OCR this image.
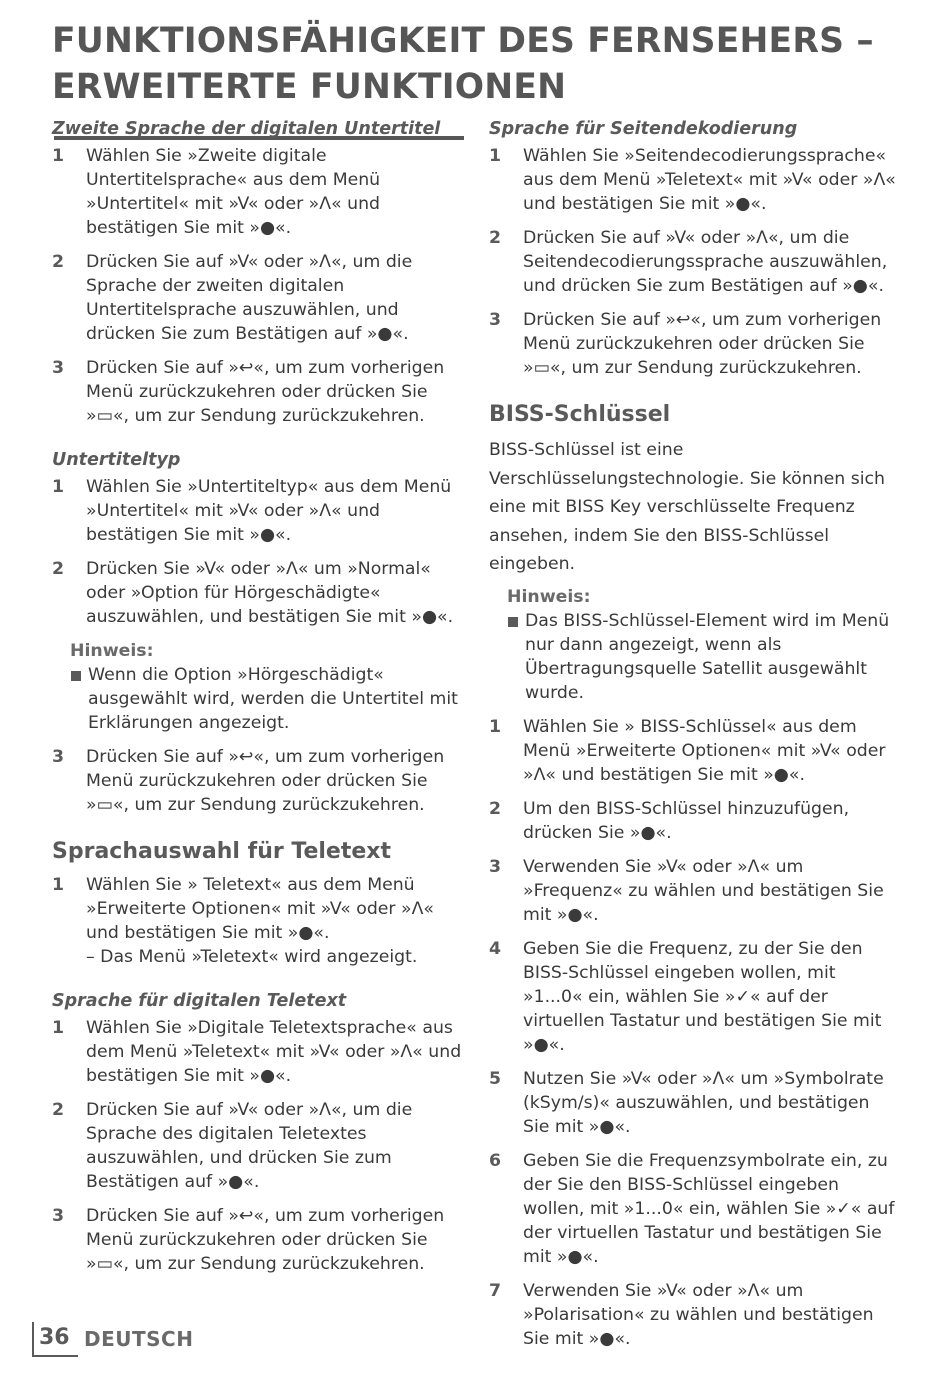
FUNKTIONSFÄHIGKEIT DES FERNSEHERS – ERWEITERTE FUNKTIONEN
Zweite Sprache der digitalen Untertitel
1 Wählen Sie »Zweite digitale Untertitelsprache« aus dem Menü »Untertitel« mit »V« oder »Λ« und bestätigen Sie mit »●«.
2 Drücken Sie auf »V« oder »Λ«, um die Sprache der zweiten digitalen Untertitelsprache auszuwählen, und drücken Sie zum Bestätigen auf »●«.
3 Drücken Sie auf »↩«, um zum vorherigen Menü zurückzukehren oder drücken Sie »▭«, um zur Sendung zurückzukehren.
Untertiteltyp
1 Wählen Sie »Untertiteltyp« aus dem Menü »Untertitel« mit »V« oder »Λ« und bestätigen Sie mit »●«.
2 Drücken Sie »V« oder »Λ« um »Normal« oder »Option für Hörgeschädigte« auszuwählen, und bestätigen Sie mit »●«.
Hinweis:
Wenn die Option »Hörgeschädigt« ausgewählt wird, werden die Untertitel mit Erklärungen angezeigt.
3 Drücken Sie auf »↩«, um zum vorherigen Menü zurückzukehren oder drücken Sie »▭«, um zur Sendung zurückzukehren.
Sprachauswahl für Teletext
1 Wählen Sie » Teletext« aus dem Menü »Erweiterte Optionen« mit »V« oder »Λ« und bestätigen Sie mit »●«.
– Das Menü »Teletext« wird angezeigt.
Sprache für digitalen Teletext
1 Wählen Sie »Digitale Teletextsprache« aus dem Menü »Teletext« mit »V« oder »Λ« und bestätigen Sie mit »●«.
2 Drücken Sie auf »V« oder »Λ«, um die Sprache des digitalen Teletextes auszuwählen, und drücken Sie zum Bestätigen auf »●«.
3 Drücken Sie auf »↩«, um zum vorherigen Menü zurückzukehren oder drücken Sie »▭«, um zur Sendung zurückzukehren.
Sprache für Seitendekodierung
1 Wählen Sie »Seitendecodierungssprache« aus dem Menü »Teletext« mit »V« oder »Λ« und bestätigen Sie mit »●«.
2 Drücken Sie auf »V« oder »Λ«, um die Seitendecodierungssprache auszuwählen, und drücken Sie zum Bestätigen auf »●«.
3 Drücken Sie auf »↩«, um zum vorherigen Menü zurückzukehren oder drücken Sie »▭«, um zur Sendung zurückzukehren.
BISS-Schlüssel

BISS-Schlüssel ist eine Verschlüsselungstechnologie. Sie können sich eine mit BISS Key verschlüsselte Frequenz ansehen, indem Sie den BISS-Schlüssel eingeben.

Hinweis:
Das BISS-Schlüssel-Element wird im Menü nur dann angezeigt, wenn als Übertragungsquelle Satellit ausgewählt wurde.
1 Wählen Sie » BISS-Schlüssel« aus dem Menü »Erweiterte Optionen« mit »V« oder »Λ« und bestätigen Sie mit »●«.
2 Um den BISS-Schlüssel hinzuzufügen, drücken Sie »●«.
3 Verwenden Sie »V« oder »Λ« um »Frequenz« zu wählen und bestätigen Sie mit »●«.
4 Geben Sie die Frequenz, zu der Sie den BISS-Schlüssel eingeben wollen, mit »1...0« ein, wählen Sie »✓« auf der virtuellen Tastatur und bestätigen Sie mit »●«.
5 Nutzen Sie »V« oder »Λ« um »Symbolrate (kSym/s)« auszuwählen, und bestätigen Sie mit »●«.
6 Geben Sie die Frequenzsymbolrate ein, zu der Sie den BISS-Schlüssel eingeben wollen, mit »1...0« ein, wählen Sie »✓« auf der virtuellen Tastatur und bestätigen Sie mit »●«.
7 Verwenden Sie »V« oder »Λ« um »Polarisation« zu wählen und bestätigen Sie mit »●«.
36 DEUTSCH
